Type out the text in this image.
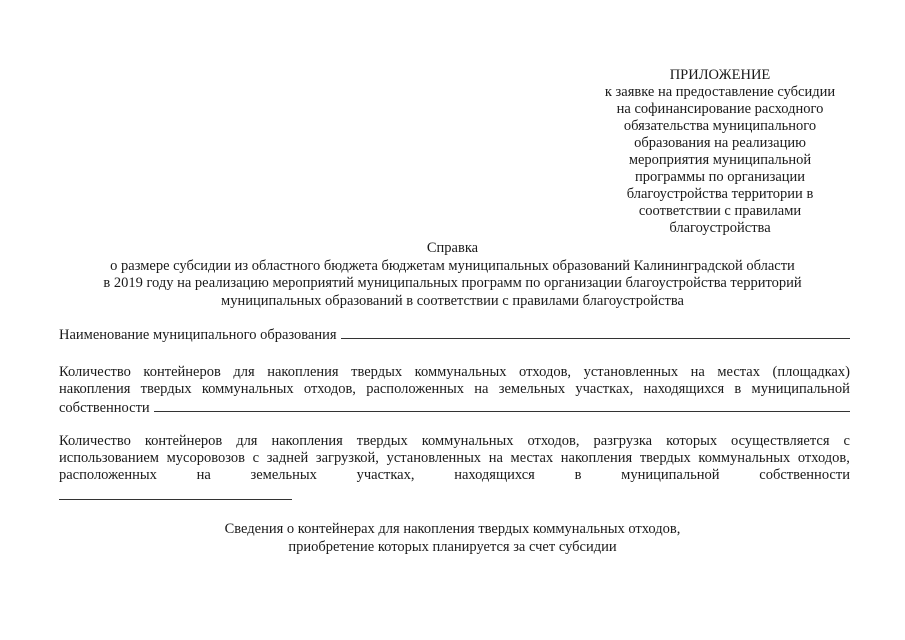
ПРИЛОЖЕНИЕ
к заявке на предоставление субсидии
на софинансирование расходного
обязательства муниципального
образования на реализацию
мероприятия муниципальной
программы по организации
благоустройства территории в
соответствии с правилами
благоустройства
Справка
о размере субсидии из областного бюджета бюджетам муниципальных образований Калининградской области
в 2019 году на реализацию мероприятий муниципальных программ по организации благоустройства территорий
муниципальных образований в соответствии с правилами благоустройства
Наименование муниципального образования
Количество контейнеров для накопления твердых коммунальных отходов, установленных на местах (площадках)
накопления твердых коммунальных отходов, расположенных на земельных участках, находящихся в муниципальной
собственности
Количество контейнеров для накопления твердых коммунальных отходов, разгрузка которых осуществляется с
использованием мусоровозов с задней загрузкой, установленных на местах накопления твердых коммунальных отходов,
расположенных	на	земельных	участках,	находящихся	в	муниципальной	собственности
Сведения о контейнерах для накопления твердых коммунальных отходов,
приобретение которых планируется за счет субсидии
